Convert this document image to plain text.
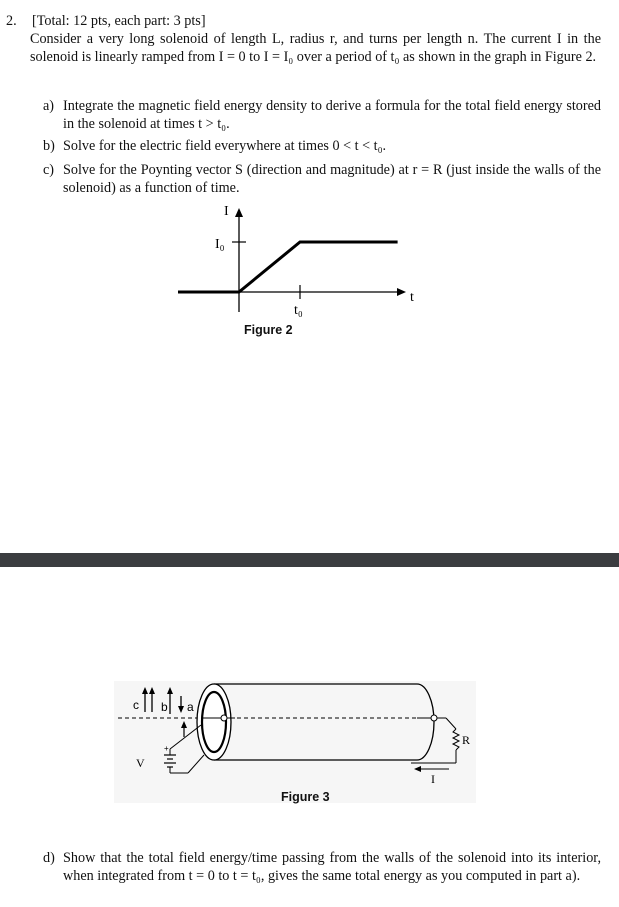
2. [Total: 12 pts, each part: 3 pts]
Consider a very long solenoid of length L, radius r, and turns per length n. The current I in the solenoid is linearly ramped from I = 0 to I = I₀ over a period of t₀ as shown in the graph in Figure 2.
a) Integrate the magnetic field energy density to derive a formula for the total field energy stored in the solenoid at times t > t₀.
b) Solve for the electric field everywhere at times 0 < t < t₀.
c) Solve for the Poynting vector S (direction and magnitude) at r = R (just inside the walls of the solenoid) as a function of time.
I
t
I₀
t₀
Figure 2
c b a
R
I
+
V
Figure 3
d) Show that the total field energy/time passing from the walls of the solenoid into its interior, when integrated from t = 0 to t = t₀, gives the same total energy as you computed in part a).
